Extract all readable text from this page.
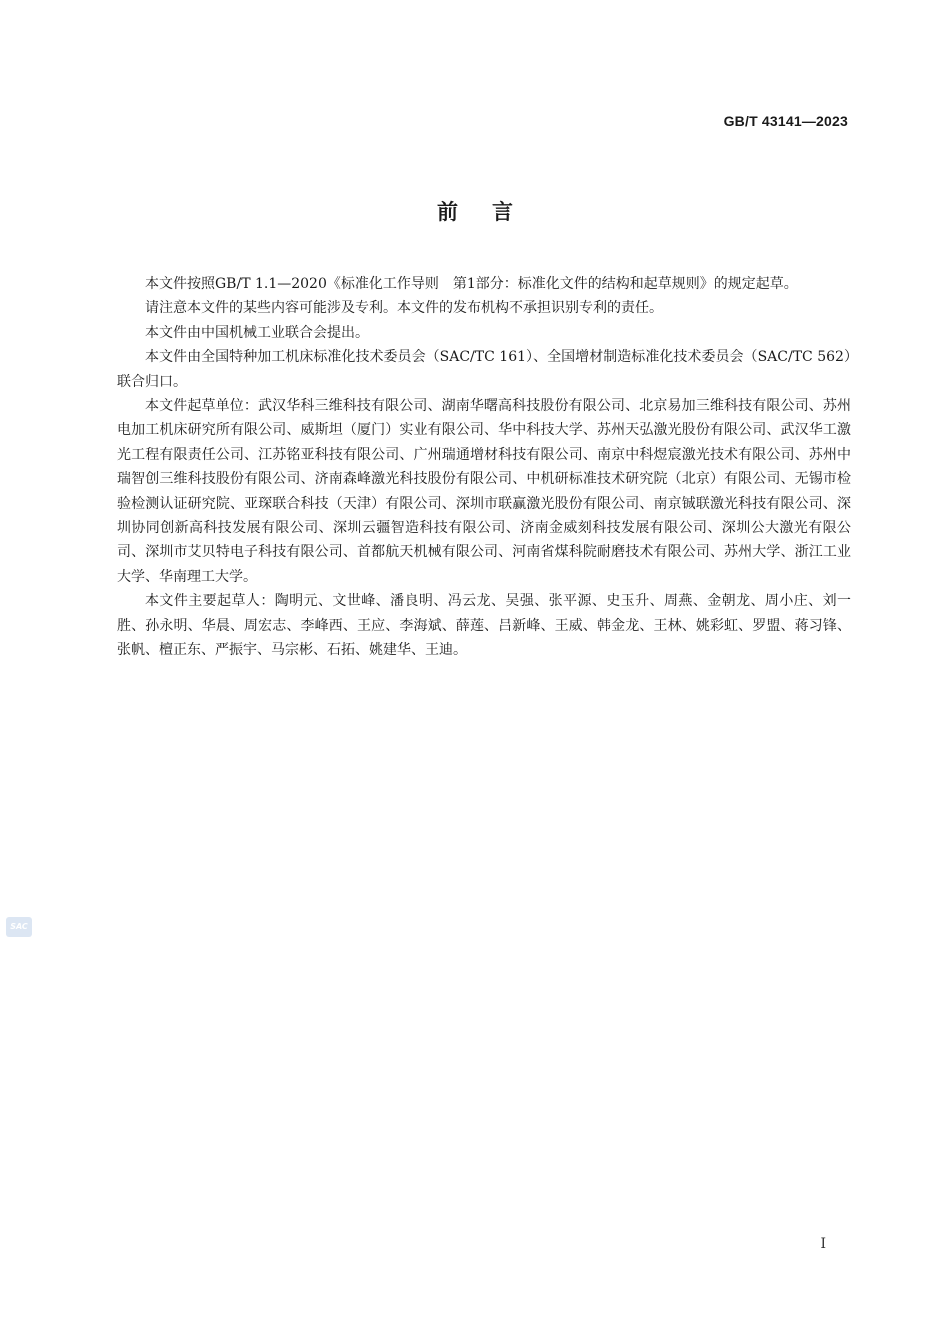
GB/T 43141—2023
前言

本文件按照GB/T 1.1—2020《标准化工作导则　第1部分：标准化文件的结构和起草规则》的规定起草。

请注意本文件的某些内容可能涉及专利。本文件的发布机构不承担识别专利的责任。

本文件由中国机械工业联合会提出。

本文件由全国特种加工机床标准化技术委员会（SAC/TC 161）、全国增材制造标准化技术委员会（SAC/TC 562）联合归口。

本文件起草单位：武汉华科三维科技有限公司、湖南华曙高科技股份有限公司、北京易加三维科技有限公司、苏州电加工机床研究所有限公司、威斯坦（厦门）实业有限公司、华中科技大学、苏州天弘激光股份有限公司、武汉华工激光工程有限责任公司、江苏铭亚科技有限公司、广州瑞通增材科技有限公司、南京中科煜宸激光技术有限公司、苏州中瑞智创三维科技股份有限公司、济南森峰激光科技股份有限公司、中机研标准技术研究院（北京）有限公司、无锡市检验检测认证研究院、亚琛联合科技（天津）有限公司、深圳市联赢激光股份有限公司、南京铖联激光科技有限公司、深圳协同创新高科技发展有限公司、深圳云疆智造科技有限公司、济南金威刻科技发展有限公司、深圳公大激光有限公司、深圳市艾贝特电子科技有限公司、首都航天机械有限公司、河南省煤科院耐磨技术有限公司、苏州大学、浙江工业大学、华南理工大学。

本文件主要起草人：陶明元、文世峰、潘良明、冯云龙、吴强、张平源、史玉升、周燕、金朝龙、周小庄、刘一胜、孙永明、华晨、周宏志、李峰西、王应、李海斌、薛莲、吕新峰、王威、韩金龙、王林、姚彩虹、罗盟、蒋习锋、张帆、檀正东、严振宇、马宗彬、石拓、姚建华、王迪。

SAC
I
